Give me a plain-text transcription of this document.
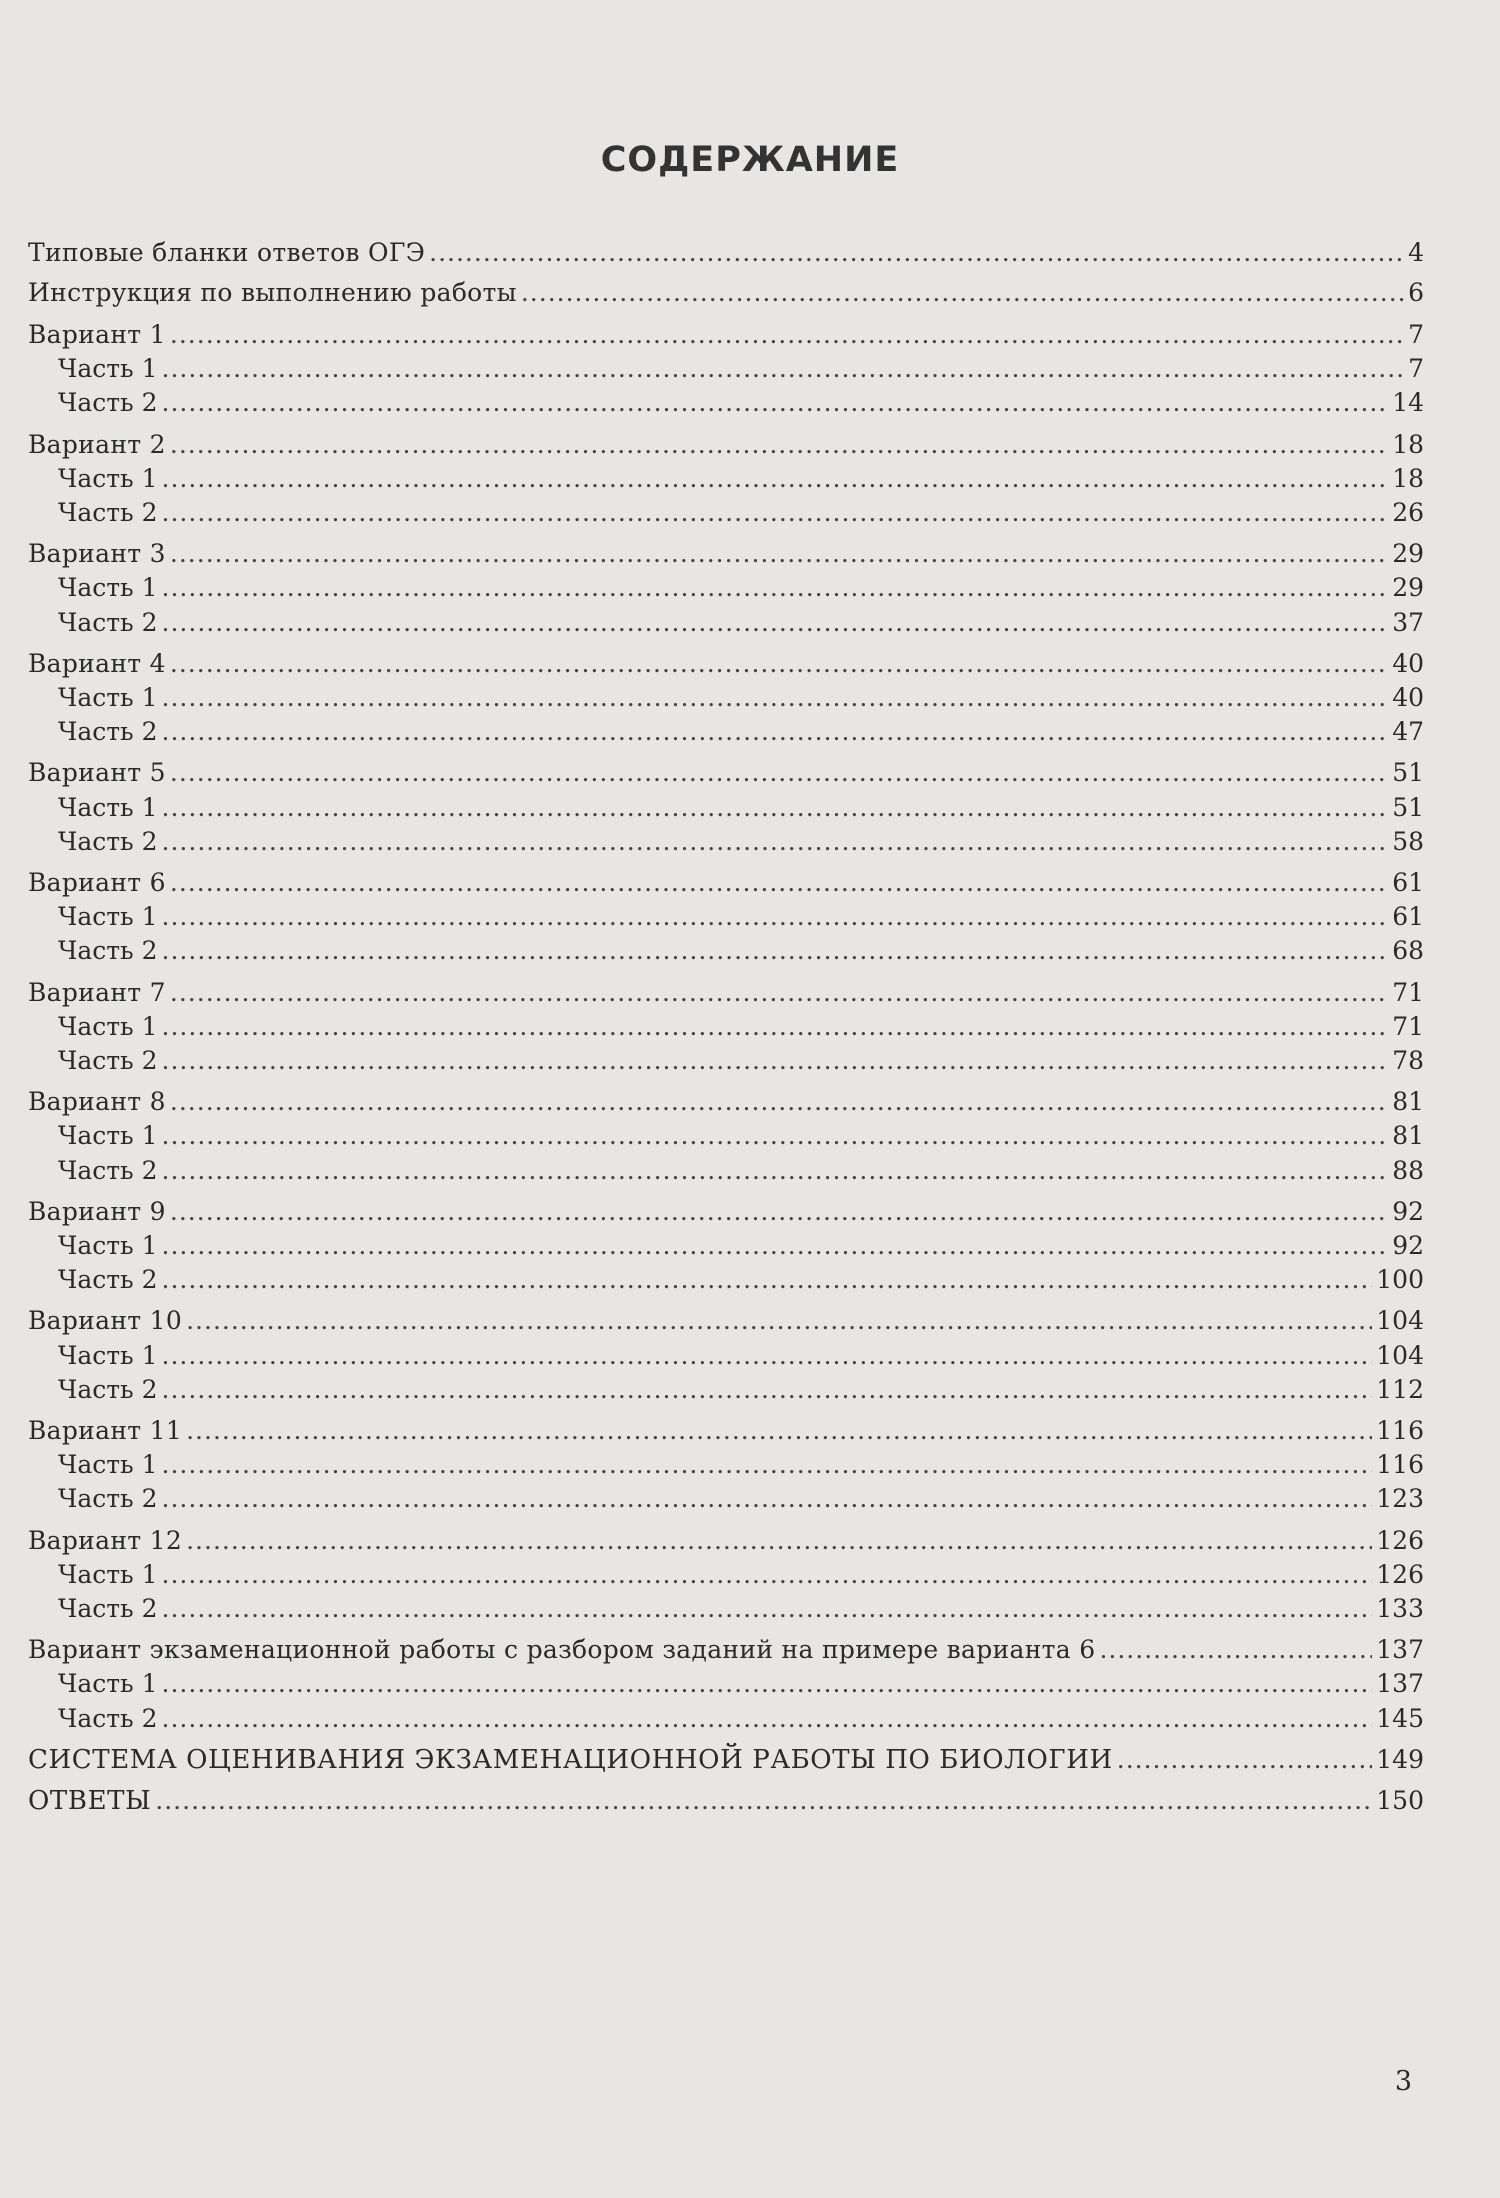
СОДЕРЖАНИЕ
Типовые бланки ответов ОГЭ .....	4
Инструкция по выполнению работы .....	6
Вариант 1 .....	7
Часть 1 .....	7
Часть 2 .....	14
Вариант 2 .....	18
Часть 1 .....	18
Часть 2 .....	26
Вариант 3 .....	29
Часть 1 .....	29
Часть 2 .....	37
Вариант 4 .....	40
Часть 1 .....	40
Часть 2 .....	47
Вариант 5 .....	51
Часть 1 .....	51
Часть 2 .....	58
Вариант 6 .....	61
Часть 1 .....	61
Часть 2 .....	68
Вариант 7 .....	71
Часть 1 .....	71
Часть 2 .....	78
Вариант 8 .....	81
Часть 1 .....	81
Часть 2 .....	88
Вариант 9 .....	92
Часть 1 .....	92
Часть 2 .....	100
Вариант 10 .....	104
Часть 1 .....	104
Часть 2 .....	112
Вариант 11 .....	116
Часть 1 .....	116
Часть 2 .....	123
Вариант 12 .....	126
Часть 1 .....	126
Часть 2 .....	133
Вариант экзаменационной работы с разбором заданий на примере варианта 6 .....	137
Часть 1 .....	137
Часть 2 .....	145
СИСТЕМА ОЦЕНИВАНИЯ ЭКЗАМЕНАЦИОННОЙ РАБОТЫ ПО БИОЛОГИИ .....	149
ОТВЕТЫ .....	150
3
